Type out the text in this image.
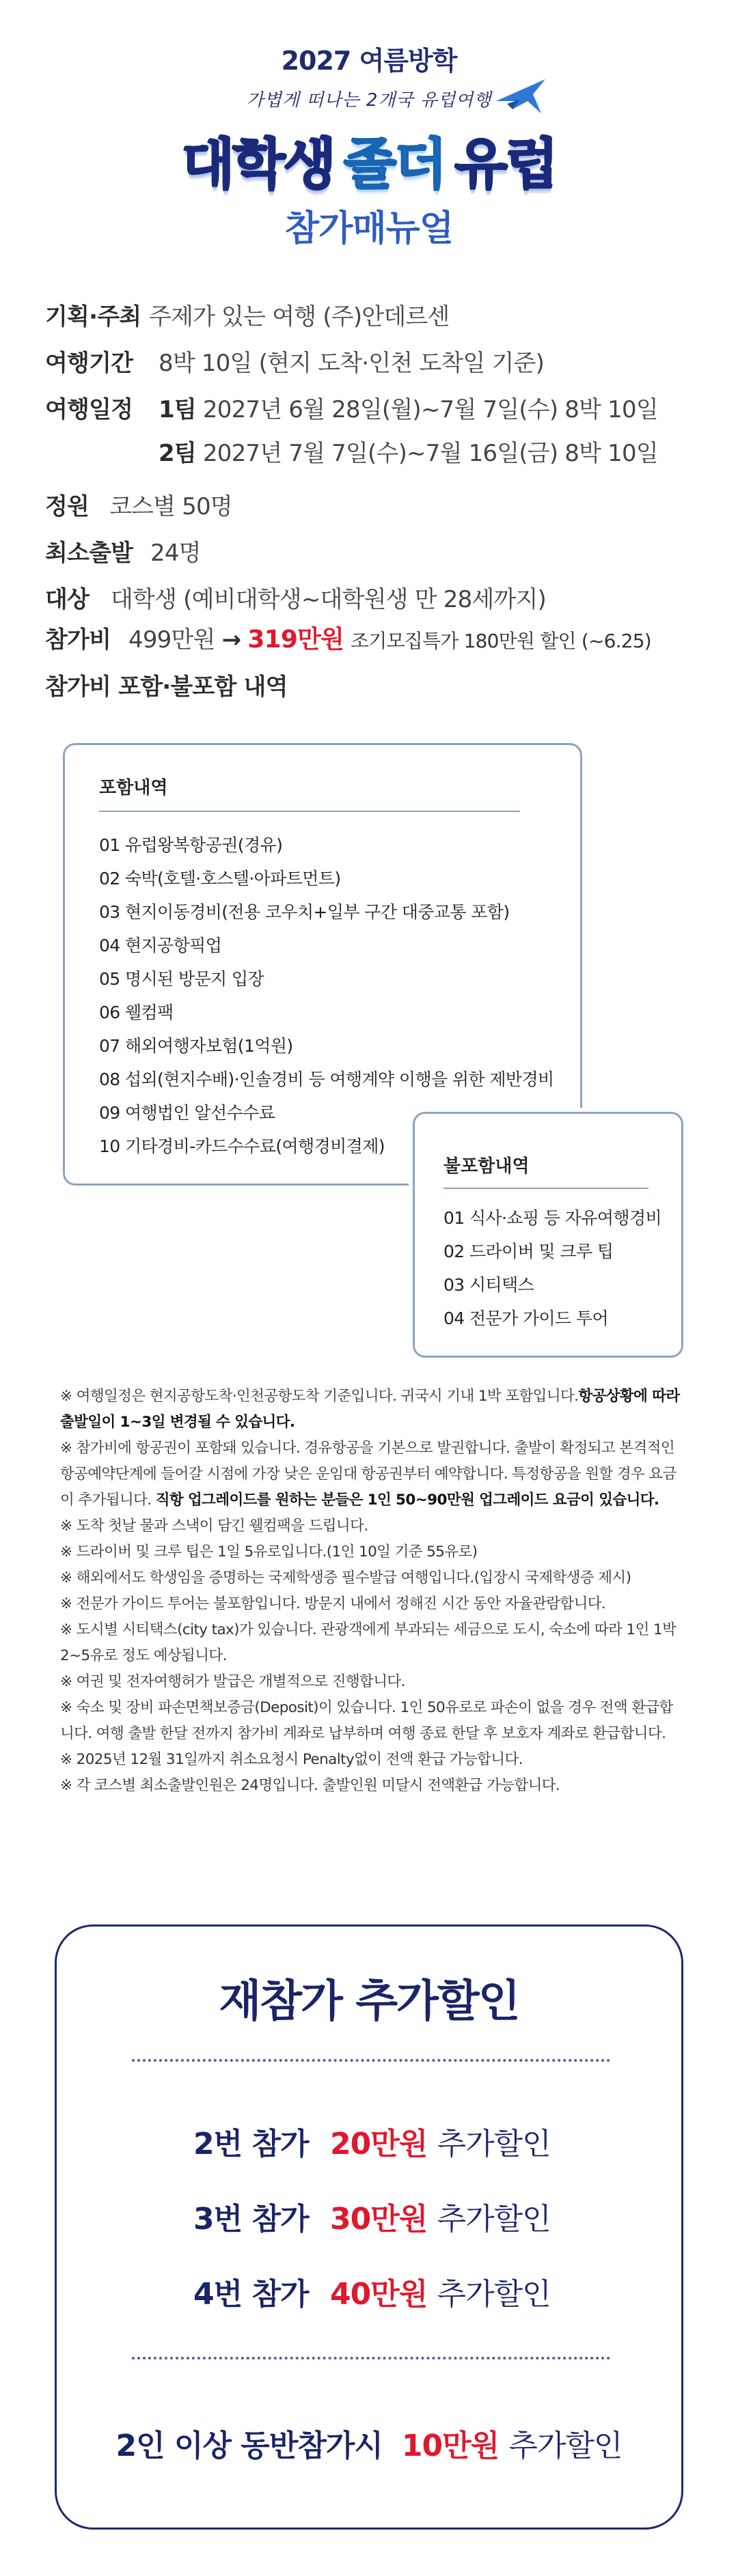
2027 여름방학
가볍게 떠나는 2개국 유럽여행
대학생 졸더 유럽
참가매뉴얼
기획·주최 주제가 있는 여행 (주)안데르센
여행기간 8박 10일 (현지 도착·인천 도착일 기준)
여행일정 1팀 2027년 6월 28일(월)~7월 7일(수) 8박 10일
2팀 2027년 7월 7일(수)~7월 16일(금) 8박 10일
정원 코스별 50명
최소출발 24명
대상 대학생 (예비대학생~대학원생 만 28세까지)
참가비 499만원 → 319만원 조기모집특가 180만원 할인 (~6.25)
참가비 포함·불포함 내역
포함내역
01 유럽왕복항공권(경유)
02 숙박(호텔·호스텔·아파트먼트)
03 현지이동경비(전용 코우치+일부 구간 대중교통 포함)
04 현지공항픽업
05 명시된 방문지 입장
06 웰컴팩
07 해외여행자보험(1억원)
08 섭외(현지수배)·인솔경비 등 여행계약 이행을 위한 제반경비
09 여행법인 알선수수료
10 기타경비-카드수수료(여행경비결제)
불포함내역
01 식사·쇼핑 등 자유여행경비
02 드라이버 및 크루 팁
03 시티택스
04 전문가 가이드 투어

※ 여행일정은 현지공항도착·인천공항도착 기준입니다. 귀국시 기내 1박 포함입니다.항공상황에 따라 출발일이 1~3일 변경될 수 있습니다.

※ 참가비에 항공권이 포함돼 있습니다. 경유항공을 기본으로 발권합니다. 출발이 확정되고 본격적인 항공예약단계에 들어갈 시점에 가장 낮은 운임대 항공권부터 예약합니다. 특정항공을 원할 경우 요금이 추가됩니다. 직항 업그레이드를 원하는 분들은 1인 50~90만원 업그레이드 요금이 있습니다.

※ 도착 첫날 물과 스낵이 담긴 웰컴팩을 드립니다.

※ 드라이버 및 크루 팁은 1일 5유로입니다.(1인 10일 기준 55유로)

※ 해외에서도 학생임을 증명하는 국제학생증 필수발급 여행입니다.(입장시 국제학생증 제시)

※ 전문가 가이드 투어는 불포함입니다. 방문지 내에서 정해진 시간 동안 자율관람합니다.

※ 도시별 시티택스(city tax)가 있습니다. 관광객에게 부과되는 세금으로 도시, 숙소에 따라 1인 1박 2~5유로 정도 예상됩니다.

※ 여권 및 전자여행허가 발급은 개별적으로 진행합니다.

※ 숙소 및 장비 파손면책보증금(Deposit)이 있습니다. 1인 50유로로 파손이 없을 경우 전액 환급합니다. 여행 출발 한달 전까지 참가비 계좌로 납부하며 여행 종료 한달 후 보호자 계좌로 환급합니다.

※ 2025년 12월 31일까지 취소요청시 Penalty없이 전액 환급 가능합니다.

※ 각 코스별 최소출발인원은 24명입니다. 출발인원 미달시 전액환급 가능합니다.

재참가 추가할인
2번 참가 20만원 추가할인
3번 참가 30만원 추가할인
4번 참가 40만원 추가할인
2인 이상 동반참가시 10만원 추가할인
